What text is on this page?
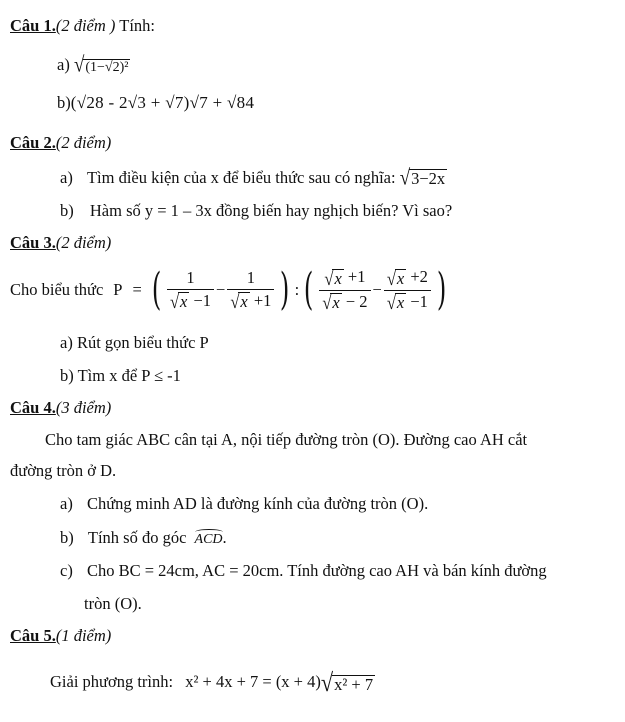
Câu 1.(2 điểm ) Tính:
a) √(1−√2)²
b)(√28 - 2√3 + √7)√7 + √84
Câu 2.(2 điểm)
a) Tìm điều kiện của x để biểu thức sau có nghĩa: √3−2x
b) Hàm số y = 1 – 3x đồng biến hay nghịch biến? Vì sao?
Câu 3.(2 điểm)
Cho biểu thức P = ( $\frac{1}{√x -1} - \frac{1}{√x +1}$ ) : ( $\frac{√x +1}{√x - 2} - \frac{√x +2}{√x -1}$ )
a) Rút gọn biểu thức P
b) Tìm x để P ≤ -1
Câu 4.(3 điểm)
Cho tam giác ABC cân tại A, nội tiếp đường tròn (O). Đường cao AH cắt
đường tròn ở D.
a) Chứng minh AD là đường kính của đường tròn (O).
b) Tính số đo góc ACD.
c) Cho BC = 24cm, AC = 20cm. Tính đường cao AH và bán kính đường
tròn (O).
Câu 5.(1 điểm)
Giải phương trình: x² + 4x + 7 = (x + 4)√x² + 7
